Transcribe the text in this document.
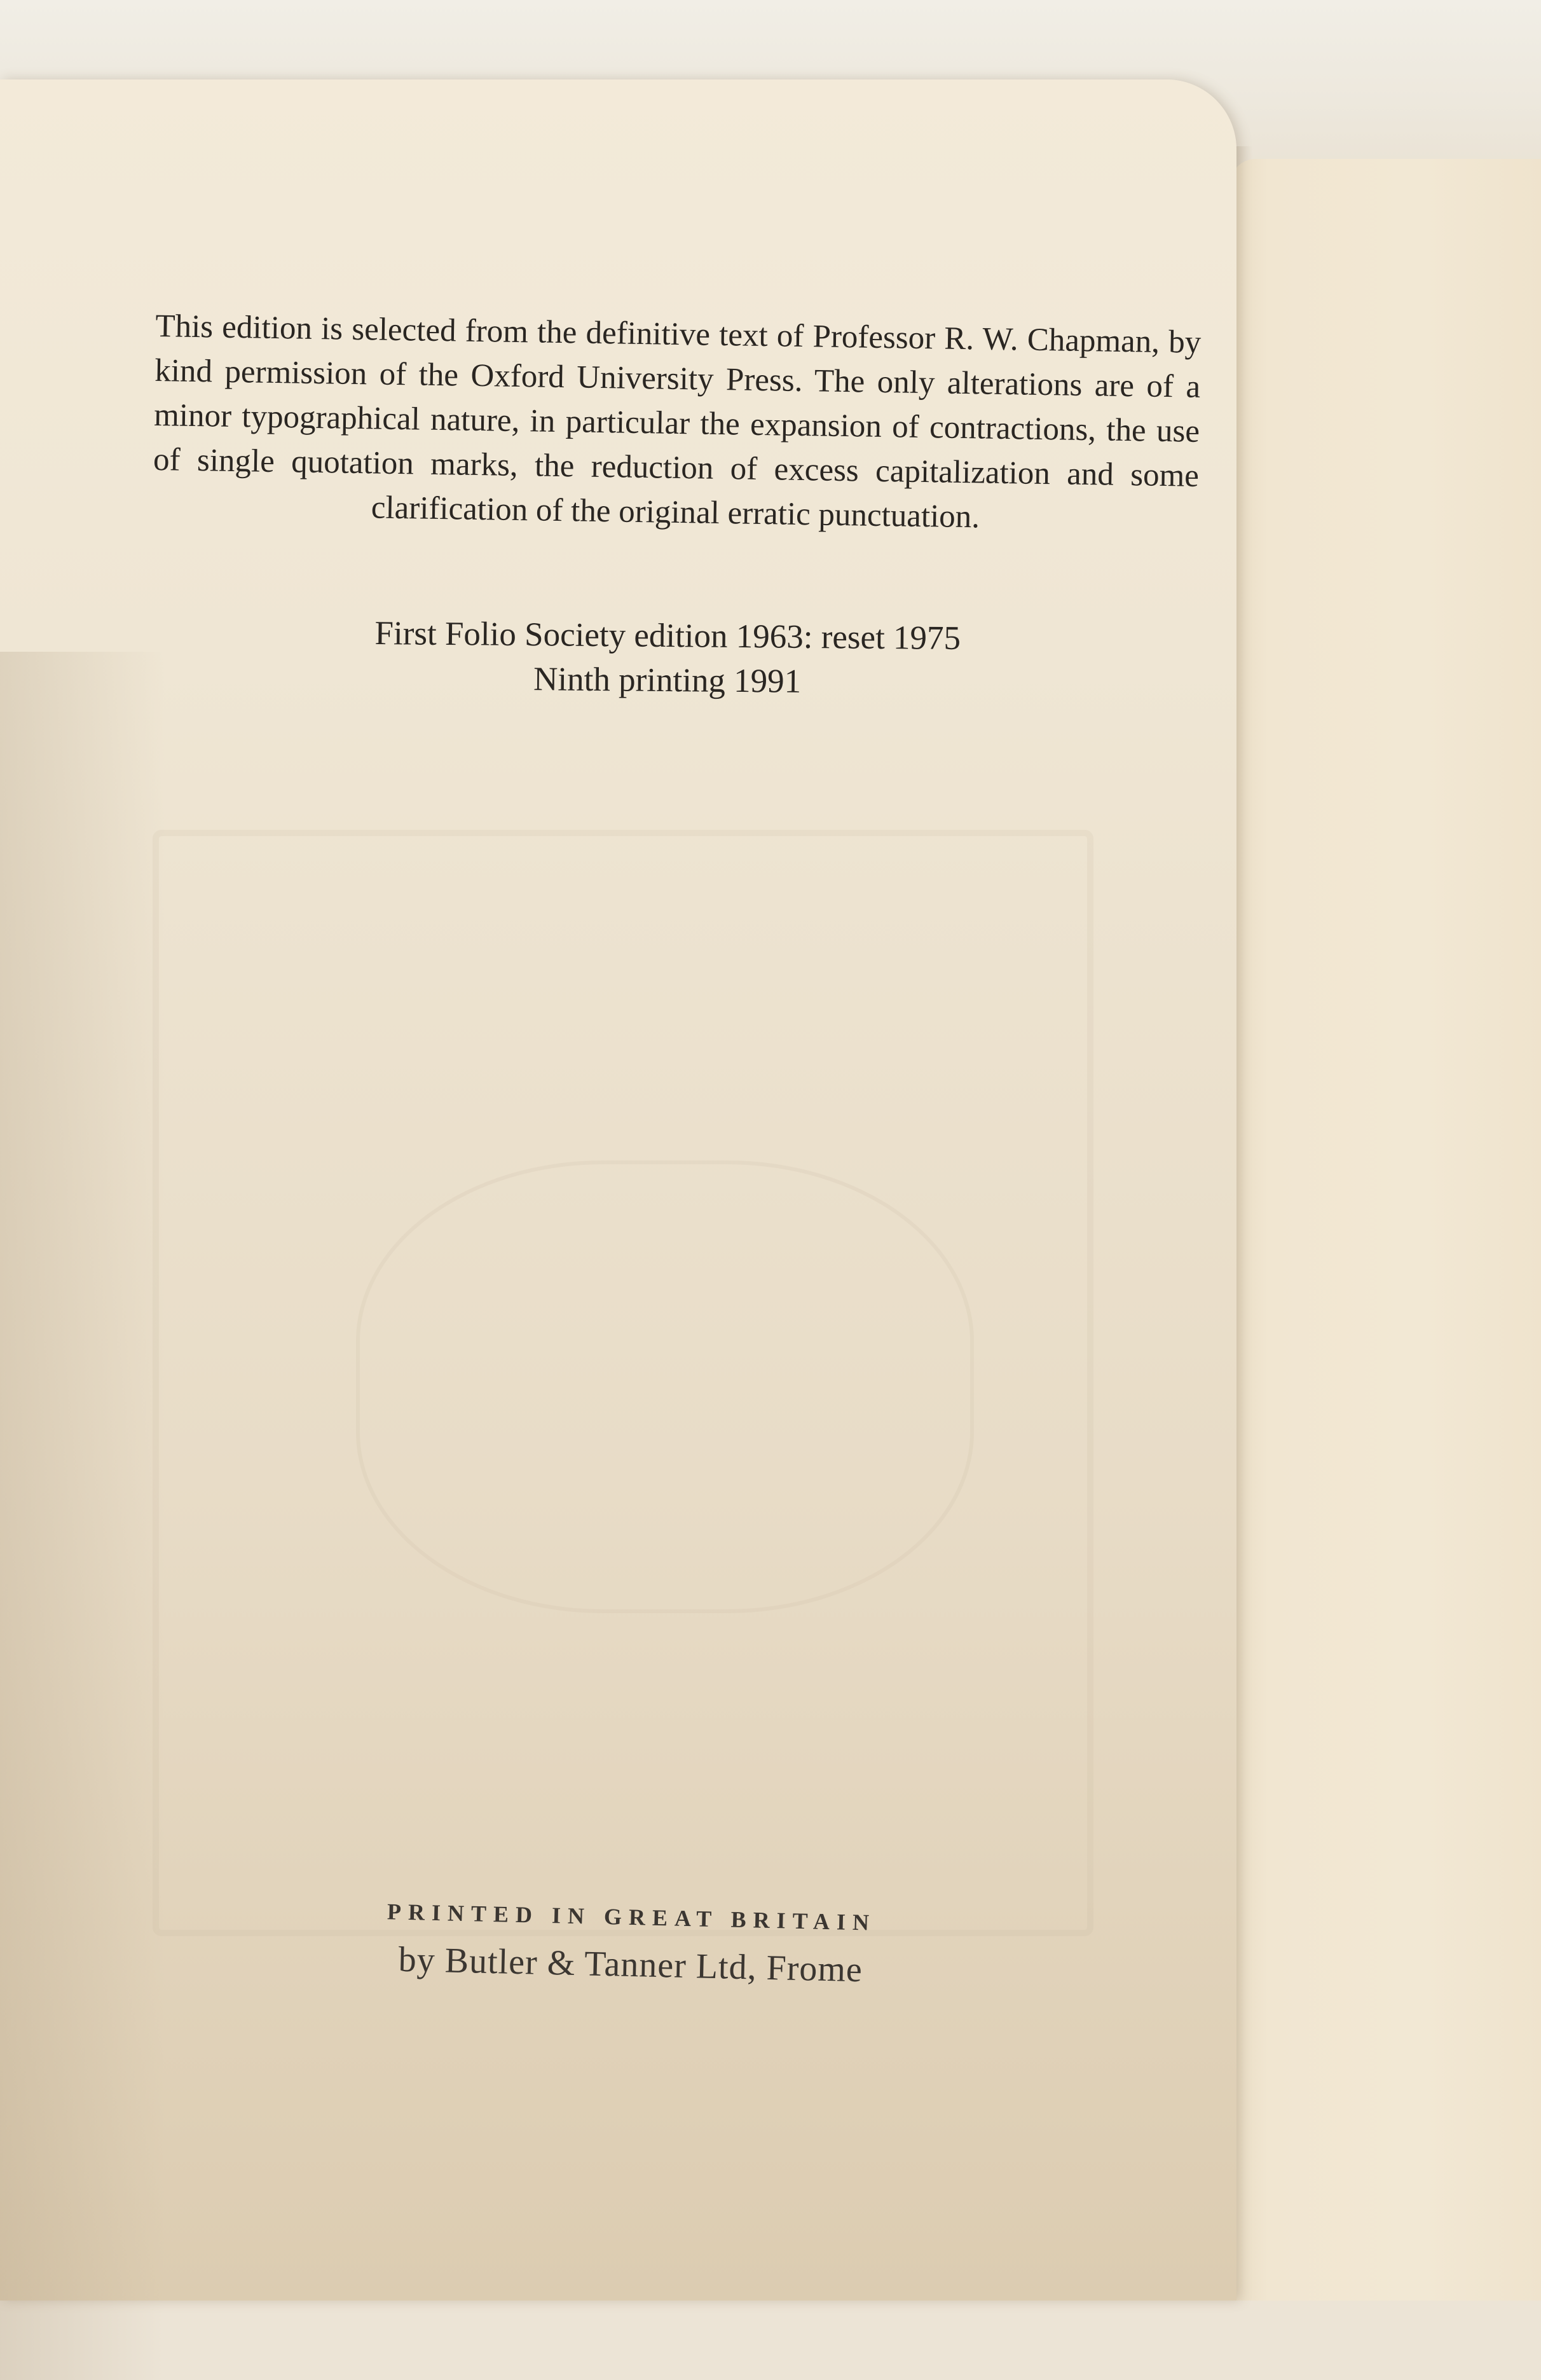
This edition is selected from the definitive text of Professor R. W. Chapman, by kind permission of the Oxford University Press. The only alterations are of a minor typographical nature, in particular the expansion of contractions, the use of single quotation marks, the reduction of excess capitalization and some clarification of the original erratic punctuation.
First Folio Society edition 1963: reset 1975
Ninth printing 1991
PRINTED IN GREAT BRITAIN
by Butler & Tanner Ltd, Frome
